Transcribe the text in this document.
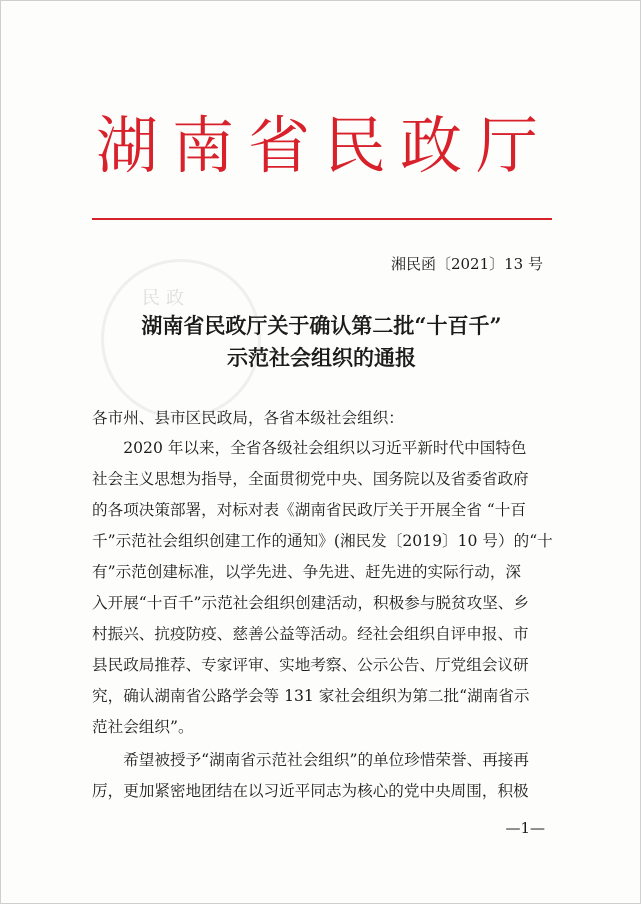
湖南省民政厅
民政
湘民函〔2021〕13 号
湖南省民政厅关于确认第二批“十百千”
示范社会组织的通报
各市州、县市区民政局，各省本级社会组织：
　　2020 年以来，全省各级社会组织以习近平新时代中国特色
社会主义思想为指导，全面贯彻党中央、国务院以及省委省政府
的各项决策部署，对标对表《湖南省民政厅关于开展全省 “十百
千”示范社会组织创建工作的通知》(湘民发〔2019〕10 号）的“十
有”示范创建标准，以学先进、争先进、赶先进的实际行动，深
入开展“十百千”示范社会组织创建活动，积极参与脱贫攻坚、乡
村振兴、抗疫防疫、慈善公益等活动。经社会组织自评申报、市
县民政局推荐、专家评审、实地考察、公示公告、厅党组会议研
究，确认湖南省公路学会等 131 家社会组织为第二批“湖南省示
范社会组织”。
　　希望被授予“湖南省示范社会组织”的单位珍惜荣誉、再接再
厉，更加紧密地团结在以习近平同志为核心的党中央周围，积极
—1—
